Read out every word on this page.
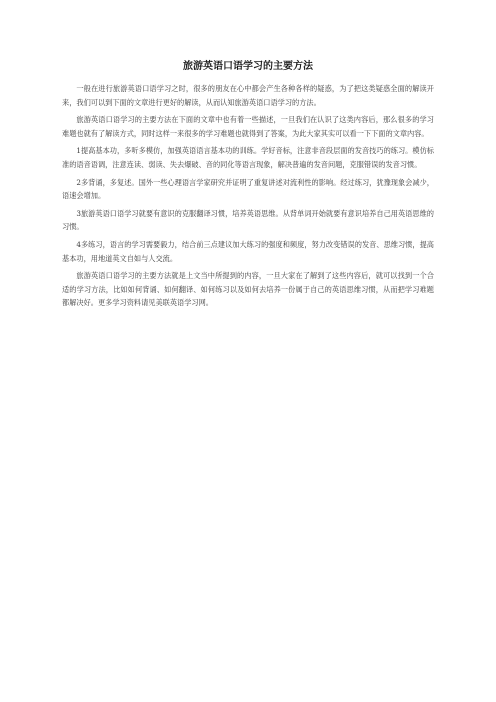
旅游英语口语学习的主要方法

一般在进行旅游英语口语学习之时，很多的朋友在心中都会产生各种各样的疑惑，为了把这类疑惑全面的解读开来，我们可以到下面的文章进行更好的解读，从而认知旅游英语口语学习的方法。

旅游英语口语学习的主要方法在下面的文章中也有着一些描述，一旦我们在认识了这类内容后，那么很多的学习难题也就有了解读方式，同时这样一来很多的学习难题也就得到了答案，为此大家其实可以看一下下面的文章内容。

1提高基本功，多听多模仿，加强英语语言基本功的训练。学好音标，注意非音段层面的发音技巧的练习。模仿标准的语音语调，注意连读、弱读、失去爆破、音的同化等语言现象，解决普遍的发音问题，克服错误的发音习惯。

2多背诵，多复述。国外一些心理语言学家研究并证明了重复讲述对流利性的影响。经过练习，犹豫现象会减少，语速会增加。

3旅游英语口语学习就要有意识的克服翻译习惯，培养英语思维。从背单词开始就要有意识培养自己用英语思维的习惯。

4多练习，语言的学习需要毅力，结合前三点建议加大练习的强度和频度，努力改变错误的发音、思维习惯，提高基本功，用地道英文自如与人交流。

旅游英语口语学习的主要方法就是上文当中所提到的内容，一旦大家在了解到了这些内容后，就可以找到一个合适的学习方法，比如如何背诵、如何翻译、如何练习以及如何去培养一份属于自己的英语思维习惯，从而把学习难题都解决好。更多学习资料请见美联英语学习网。
